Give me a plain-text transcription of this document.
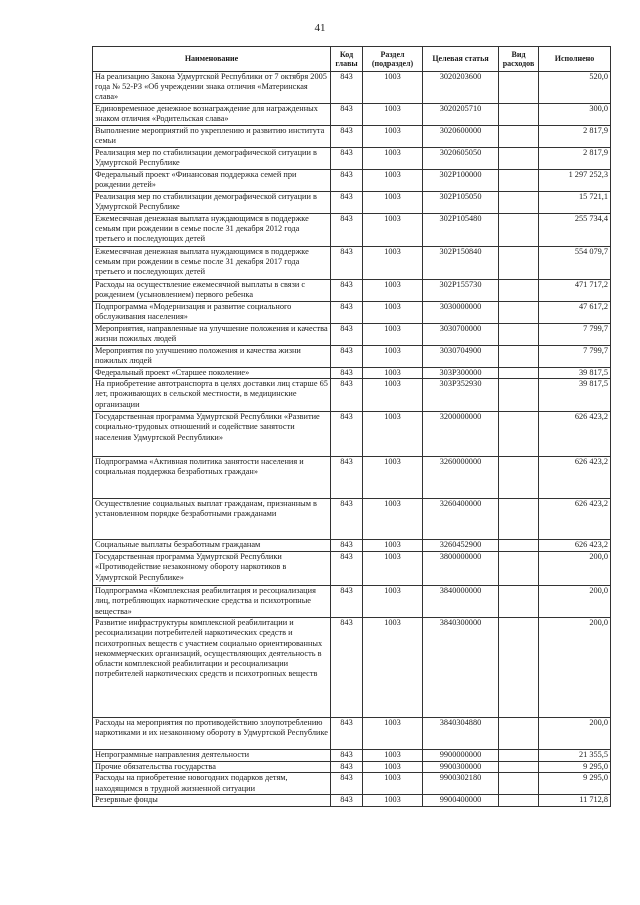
41
Наименование	Код главы	Раздел (подраздел)	Целевая статья	Вид расходов	Исполнено
На реализацию Закона Удмуртской Республики от 7 октября 2005 года № 52-РЗ «Об учреждении знака отличия «Материнская слава»	843	1003	3020203600		520,0
Единовременное денежное вознаграждение для награжденных знаком отличия «Родительская слава»	843	1003	3020205710		300,0
Выполнение мероприятий по укреплению и развитию института семьи	843	1003	3020600000		2 817,9
Реализация мер по стабилизации демографической ситуации в Удмуртской Республике	843	1003	3020605050		2 817,9
Федеральный проект «Финансовая поддержка семей при рождении детей»	843	1003	302P100000		1 297 252,3
Реализация мер по стабилизации демографической ситуации в Удмуртской Республике	843	1003	302P105050		15 721,1
Ежемесячная денежная выплата нуждающимся в поддержке семьям при рождении в семье после 31 декабря 2012 года третьего и последующих детей	843	1003	302P105480		255 734,4
Ежемесячная денежная выплата нуждающимся в поддержке семьям при рождении в семье после 31 декабря 2017 года третьего и последующих детей	843	1003	302P150840		554 079,7
Расходы на осуществление ежемесячной выплаты в связи с рождением (усыновлением) первого ребенка	843	1003	302P155730		471 717,2
Подпрограмма «Модернизация и развитие социального обслуживания населения»	843	1003	3030000000		47 617,2
Мероприятия, направленные на улучшение положения и качества жизни пожилых людей	843	1003	3030700000		7 799,7
Мероприятия по улучшению положения и качества жизни пожилых людей	843	1003	3030704900		7 799,7
Федеральный проект «Старшее поколение»	843	1003	303P300000		39 817,5
На приобретение автотранспорта в целях доставки лиц старше 65 лет, проживающих в сельской местности, в медицинские организации	843	1003	303P352930		39 817,5
Государственная программа Удмуртской Республики «Развитие социально-трудовых отношений и содействие занятости населения Удмуртской Республики»	843	1003	3200000000		626 423,2
Подпрограмма «Активная политика занятости населения и социальная поддержка безработных граждан»	843	1003	3260000000		626 423,2
Осуществление социальных выплат гражданам, признанным в установленном порядке безработными гражданами	843	1003	3260400000		626 423,2
Социальные выплаты безработным гражданам	843	1003	3260452900		626 423,2
Государственная программа Удмуртской Республики «Противодействие незаконному обороту наркотиков в Удмуртской Республике»	843	1003	3800000000		200,0
Подпрограмма «Комплексная реабилитация и ресоциализация лиц, потребляющих наркотические средства и психотропные вещества»	843	1003	3840000000		200,0
Развитие инфраструктуры комплексной реабилитации и ресоциализации потребителей наркотических средств и психотропных веществ с участием социально ориентированных некоммерческих организаций, осуществляющих деятельность в области комплексной реабилитации и ресоциализации потребителей наркотических средств и психотропных веществ	843	1003	3840300000		200,0
Расходы на мероприятия по противодействию злоупотреблению наркотиками и их незаконному обороту в Удмуртской Республике	843	1003	3840304880		200,0
Непрограммные направления деятельности	843	1003	9900000000		21 355,5
Прочие обязательства государства	843	1003	9900300000		9 295,0
Расходы на приобретение новогодних подарков детям, находящимся в трудной жизненной ситуации	843	1003	9900302180		9 295,0
Резервные фонды	843	1003	9900400000		11 712,8
